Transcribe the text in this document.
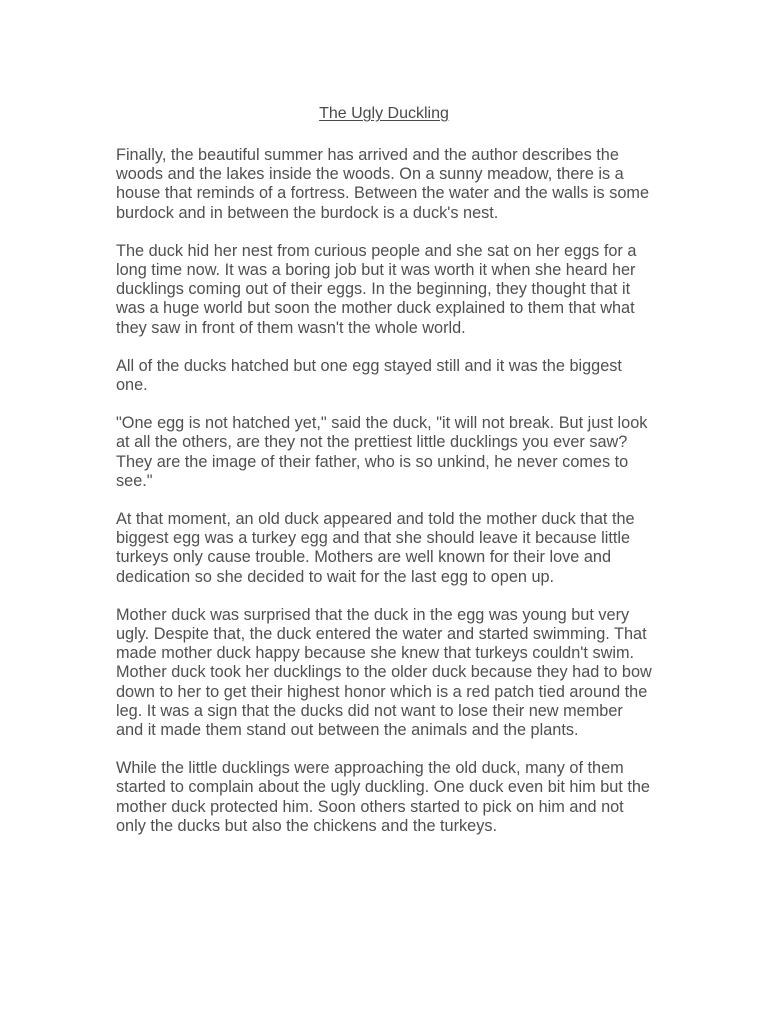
The Ugly Duckling

Finally, the beautiful summer has arrived and the author describes the woods and the lakes inside the woods. On a sunny meadow, there is a house that reminds of a fortress. Between the water and the walls is some burdock and in between the burdock is a duck's nest.

The duck hid her nest from curious people and she sat on her eggs for a long time now. It was a boring job but it was worth it when she heard her ducklings coming out of their eggs. In the beginning, they thought that it was a huge world but soon the mother duck explained to them that what they saw in front of them wasn't the whole world.

All of the ducks hatched but one egg stayed still and it was the biggest one.

"One egg is not hatched yet," said the duck, "it will not break. But just look at all the others, are they not the prettiest little ducklings you ever saw? They are the image of their father, who is so unkind, he never comes to see."

At that moment, an old duck appeared and told the mother duck that the biggest egg was a turkey egg and that she should leave it because little turkeys only cause trouble. Mothers are well known for their love and dedication so she decided to wait for the last egg to open up.

Mother duck was surprised that the duck in the egg was young but very ugly. Despite that, the duck entered the water and started swimming. That made mother duck happy because she knew that turkeys couldn't swim. Mother duck took her ducklings to the older duck because they had to bow down to her to get their highest honor which is a red patch tied around the leg. It was a sign that the ducks did not want to lose their new member and it made them stand out between the animals and the plants.

While the little ducklings were approaching the old duck, many of them started to complain about the ugly duckling. One duck even bit him but the mother duck protected him. Soon others started to pick on him and not only the ducks but also the chickens and the turkeys.
